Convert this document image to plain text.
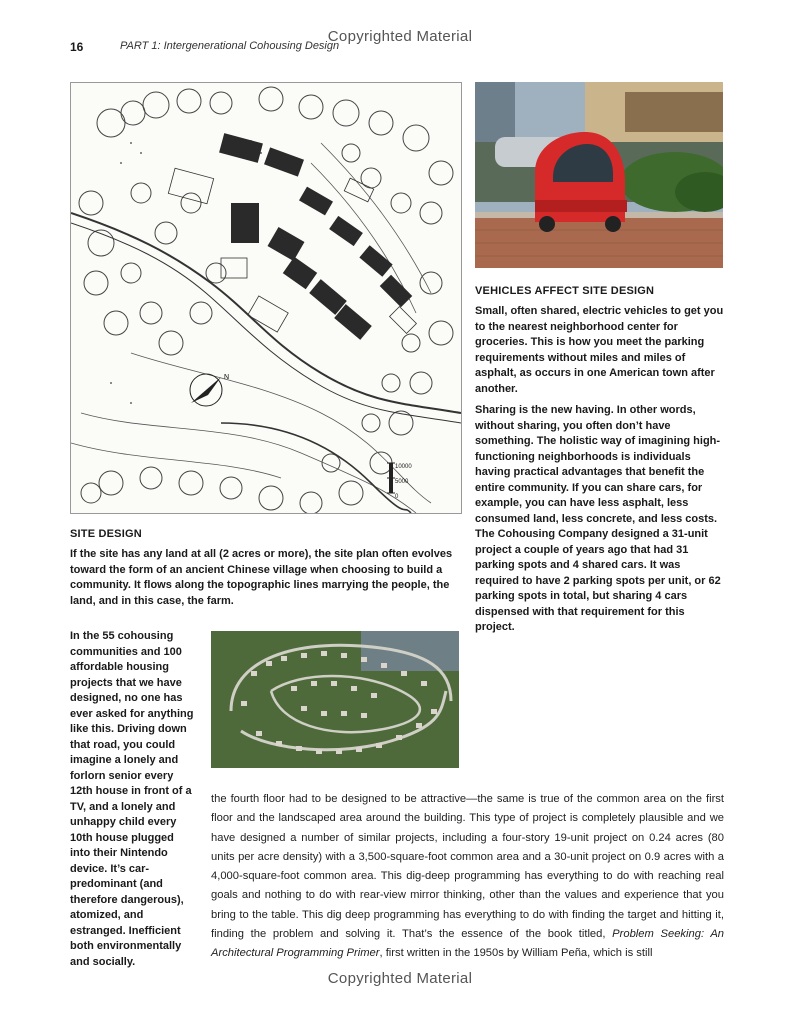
Copyrighted Material
Copyrighted Material
16	PART 1: Intergenerational Cohousing Design
N
10000
5000
0
VEHICLES AFFECT SITE DESIGN

Small, often shared, electric vehicles to get you to the nearest neighborhood center for groceries. This is how you meet the parking requirements without miles and miles of asphalt, as occurs in one American town after another.

Sharing is the new having. In other words, without sharing, you often don’t have something. The holistic way of imagining high-functioning neighborhoods is individuals having practical advantages that benefit the entire community. If you can share cars, for example, you can have less asphalt, less consumed land, less concrete, and less costs. The Cohousing Company designed a 31-unit project a couple of years ago that had 31 parking spots and 4 shared cars. It was required to have 2 parking spots per unit, or 62 parking spots in total, but sharing 4 cars dispensed with that requirement for this project.

SITE DESIGN
If the site has any land at all (2 acres or more), the site plan often evolves toward the form of an ancient Chinese village when choosing to build a community. It flows along the topographic lines marrying the people, the land, and in this case, the farm.
In the 55 cohousing communities and 100 affordable housing projects that we have designed, no one has ever asked for anything like this. Driving down that road, you could imagine a lonely and forlorn senior every 12th house in front of a TV, and a lonely and unhappy child every 10th house plugged into their Nintendo device. It’s car-predominant (and therefore dangerous), atomized, and estranged. Inefficient both environmentally and socially.
the fourth floor had to be designed to be attractive—the same is true of the common area on the first floor and the landscaped area around the building. This type of project is completely plausible and we have designed a number of similar projects, including a four-story 19-unit project on 0.24 acres (80 units per acre density) with a 3,500-square-foot common area and a 30-unit project on 0.9 acres with a 4,000-square-foot common area. This dig-deep programming has everything to do with reaching real goals and nothing to do with rear-view mirror thinking, other than the values and experience that you bring to the table. This dig deep programming has everything to do with finding the target and hitting it, finding the problem and solving it. That’s the essence of the book titled, Problem Seeking: An Architectural Programming Primer, first written in the 1950s by William Peña, which is still
